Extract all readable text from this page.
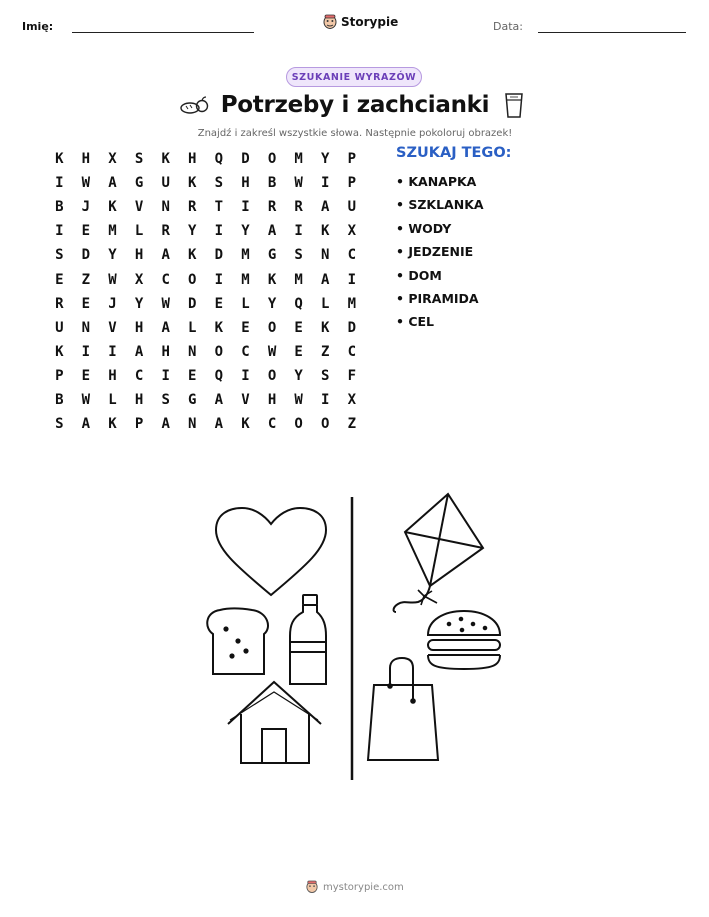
Imię:	Storypie	Data:
SZUKANIE WYRAZÓW
Potrzeby i zachcianki
Znajdź i zakreśl wszystkie słowa. Następnie pokoloruj obrazek!
K	H	X	S	K	H	Q	D	O	M	Y	P
I	W	A	G	U	K	S	H	B	W	I	P
B	J	K	V	N	R	T	I	R	R	A	U
I	E	M	L	R	Y	I	Y	A	I	K	X
S	D	Y	H	A	K	D	M	G	S	N	C
E	Z	W	X	C	O	I	M	K	M	A	I
R	E	J	Y	W	D	E	L	Y	Q	L	M
U	N	V	H	A	L	K	E	O	E	K	D
K	I	I	A	H	N	O	C	W	E	Z	C
P	E	H	C	I	E	Q	I	O	Y	S	F
B	W	L	H	S	G	A	V	H	W	I	X
S	A	K	P	A	N	A	K	C	O	O	Z
SZUKAJ TEGO:
• KANAPKA
• SZKLANKA
• WODY
• JEDZENIE
• DOM
• PIRAMIDA
• CEL
mystorypie.com
